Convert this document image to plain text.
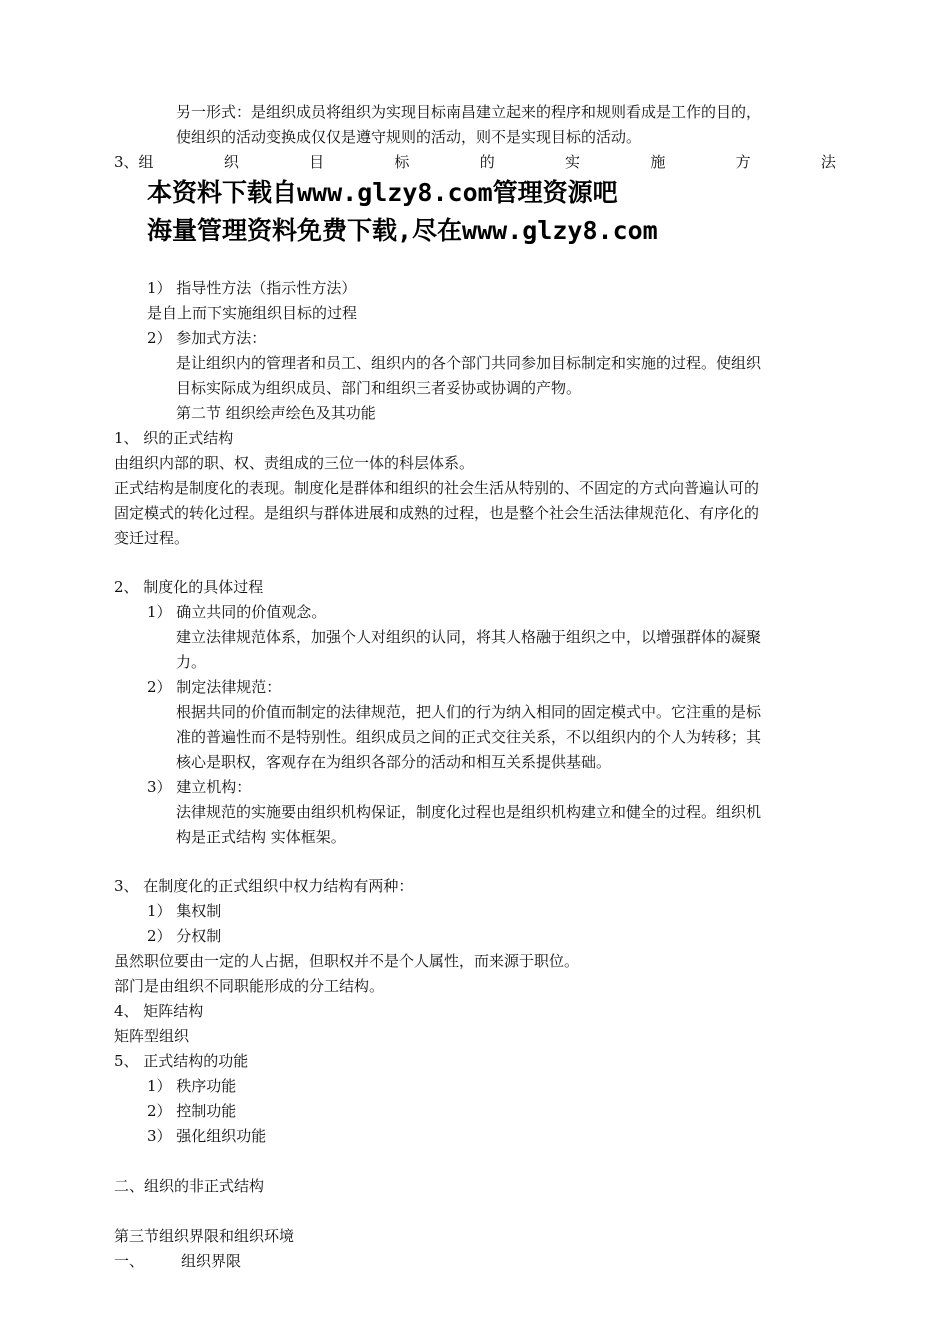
另一形式：是组织成员将组织为实现目标南昌建立起来的程序和规则看成是工作的目的，
使组织的活动变换成仅仅是遵守规则的活动，则不是实现目标的活动。
3、组	织	目	标	的	实	施	方	法
本资料下载自www.glzy8.com管理资源吧
海量管理资料免费下载,尽在www.glzy8.com
1） 指导性方法（指示性方法）
是自上而下实施组织目标的过程
2） 参加式方法：
是让组织内的管理者和员工、组织内的各个部门共同参加目标制定和实施的过程。使组织
目标实际成为组织成员、部门和组织三者妥协或协调的产物。
第二节 组织绘声绘色及其功能
1、 织的正式结构
由组织内部的职、权、责组成的三位一体的科层体系。
正式结构是制度化的表现。制度化是群体和组织的社会生活从特别的、不固定的方式向普遍认可的
固定模式的转化过程。是组织与群体进展和成熟的过程，也是整个社会生活法律规范化、有序化的
变迁过程。
2、 制度化的具体过程
1） 确立共同的价值观念。
建立法律规范体系，加强个人对组织的认同，将其人格融于组织之中，以增强群体的凝聚
力。
2） 制定法律规范：
根据共同的价值而制定的法律规范，把人们的行为纳入相同的固定模式中。它注重的是标
准的普遍性而不是特别性。组织成员之间的正式交往关系，不以组织内的个人为转移；其
核心是职权，客观存在为组织各部分的活动和相互关系提供基础。
3） 建立机构：
法律规范的实施要由组织机构保证，制度化过程也是组织机构建立和健全的过程。组织机
构是正式结构 实体框架。
3、 在制度化的正式组织中权力结构有两种：
1） 集权制
2） 分权制
虽然职位要由一定的人占据，但职权并不是个人属性，而来源于职位。
部门是由组织不同职能形成的分工结构。
4、 矩阵结构
矩阵型组织
5、 正式结构的功能
1） 秩序功能
2） 控制功能
3） 强化组织功能
二、组织的非正式结构
第三节组织界限和组织环境
一、 组织界限
